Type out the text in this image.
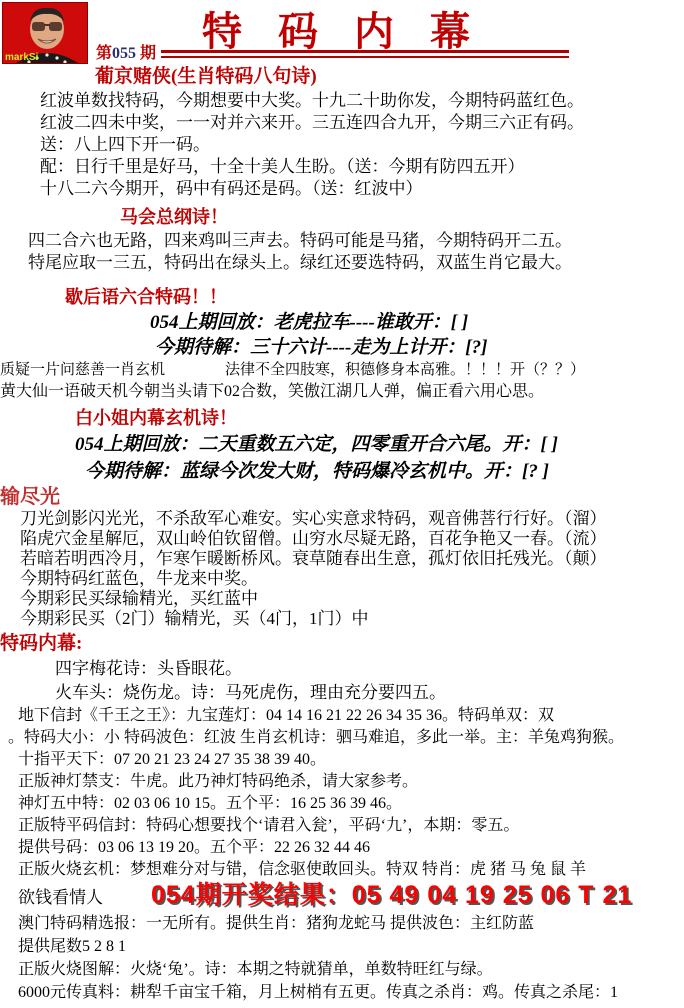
markSi
特码内幕
第055 期
葡京赌侠(生肖特码八句诗)
红波单数找特码，今期想要中大奖。十九二十助你发，今期特码蓝红色。
红波二四未中奖，一一对并六来开。三五连四合九开，今期三六正有码。
送：八上四下开一码。
配：日行千里是好马，十全十美人生盼。（送：今期有防四五开）
十八二六今期开，码中有码还是码。（送：红波中）
马会总纲诗！
四二合六也无路，四来鸡叫三声去。特码可能是马猪，今期特码开二五。
特尾应取一三五，特码出在绿头上。绿红还要选特码，双蓝生肖它最大。
歇后语六合特码！！
054上期回放：老虎拉车----谁敢开：[ ]
今期待解：三十六计----走为上计开：[?]
质疑一片问慈善一肖玄机	法律不全四肢寒，积德修身本高雅。！！！开（？？）
黄大仙一语破天机今朝当头请下02合数，笑傲江湖几人弹，偏正看六用心思。
白小姐内幕玄机诗！
054上期回放：二天重数五六定，四零重开合六尾。开：[ ]
今期待解：蓝绿今次发大财，特码爆冷玄机中。开：[? ]
输尽光
刀光剑影闪光光，不杀敌军心难安。实心实意求特码，观音佛菩行行好。（溜）
陷虎穴金星解厄，双山岭伯钦留僧。山穷水尽疑无路，百花争艳又一春。（流）
若暗若明西冷月，乍寒乍暖断桥风。衰草随春出生意，孤灯依旧托残光。（颠）
今期特码红蓝色，牛龙来中奖。
今期彩民买绿输精光，买红蓝中
今期彩民买（2门）输精光，买（4门，1门）中
特码内幕:
四字梅花诗：头昏眼花。
火车头：烧伤龙。诗：马死虎伤，理由充分要四五。
地下信封《千王之王》：九宝莲灯：04 14 16 21 22 26 34 35 36。特码单双：双
。特码大小：小 特码波色：红波 生肖玄机诗：驷马难追，多此一举。主：羊兔鸡狗猴。
十指平天下：07 20 21 23 24 27 35 38 39 40。
正版神灯禁支：牛虎。此乃神灯特码绝杀，请大家参考。
神灯五中特：02 03 06 10 15。五个平：16 25 36 39 46。
正版特平码信封：特码心想要找个‘请君入瓮’，平码‘九’，本期：零五。
提供号码：03 06 13 19 20。五个平：22 26 32 44 46
正版火烧玄机：梦想难分对与错，信念驱使敢回头。特双 特肖：虎 猪 马 兔 鼠 羊
欲钱看情人 054期开奖结果：05 49 04 19 25 06 T 21
澳门特码精选报：一无所有。提供生肖：猪狗龙蛇马 提供波色：主红防蓝
提供尾数5 2 8 1
正版火烧图解：火烧‘兔’。诗：本期之特就猜单，单数特旺红与绿。
6000元传真料：耕犁千亩宝千箱，月上树梢有五更。传真之杀肖：鸡。传真之杀尾：1
